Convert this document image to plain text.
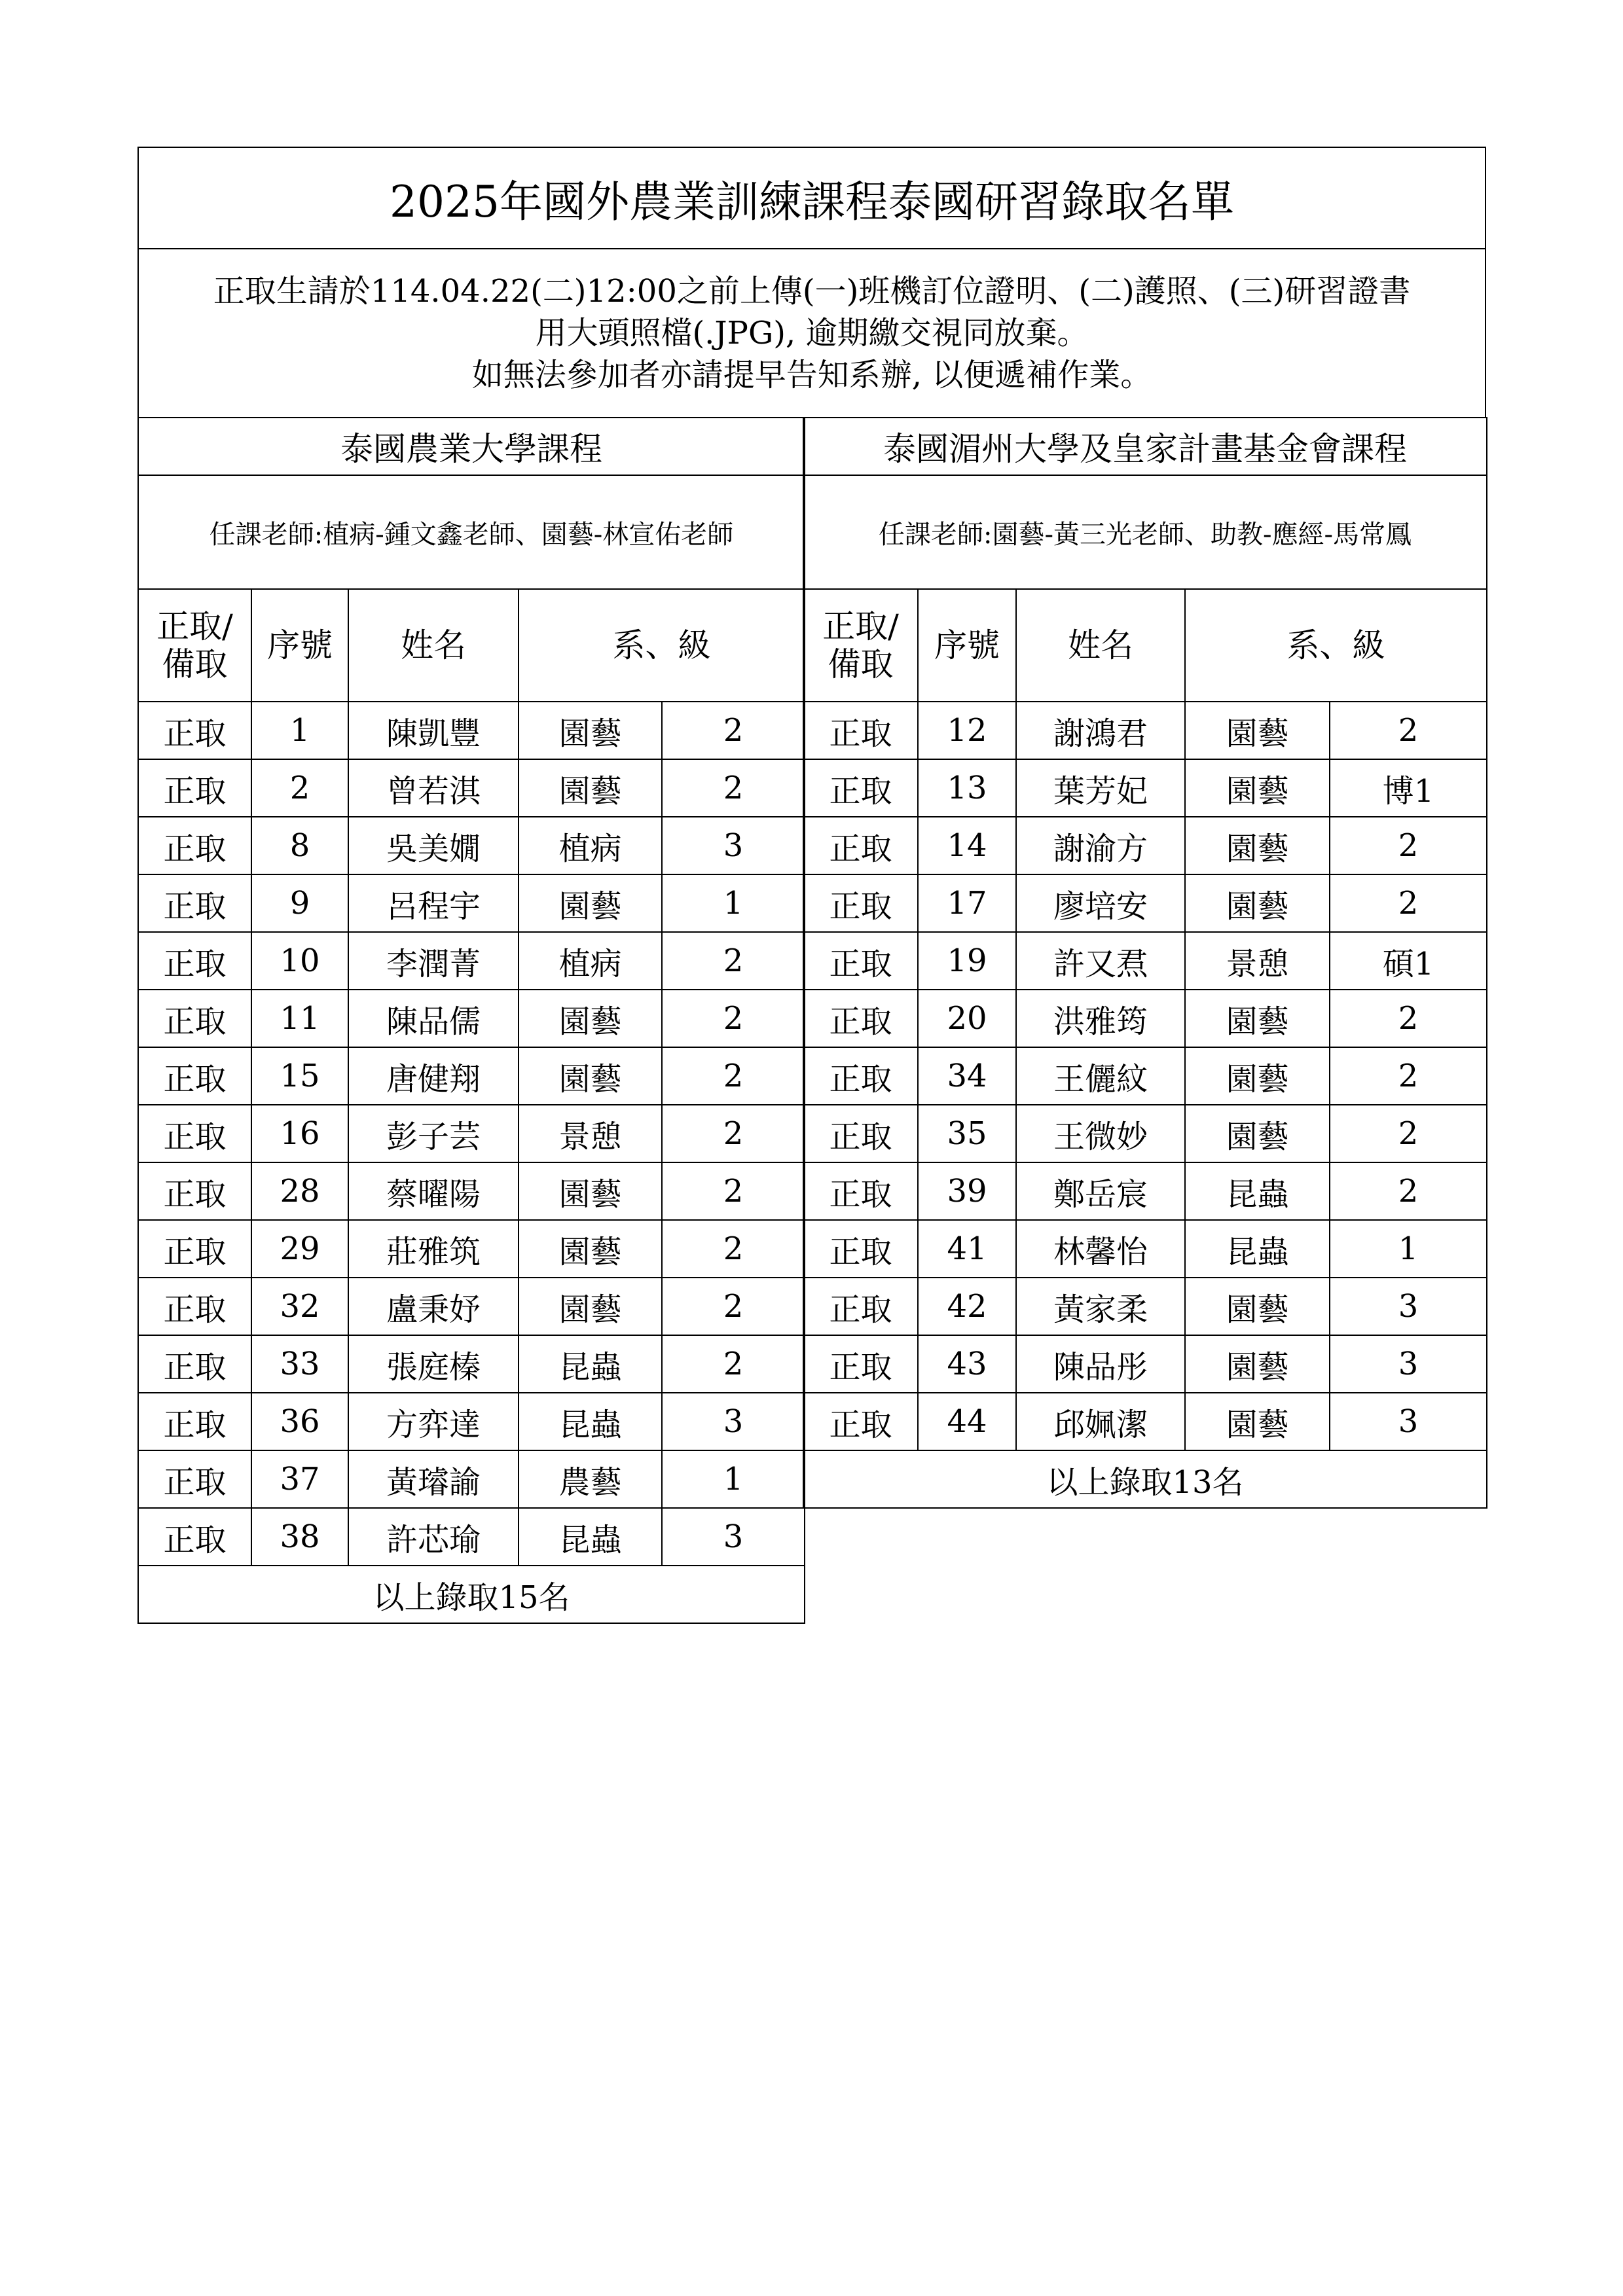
2025年國外農業訓練課程泰國研習錄取名單
正取生請於114.04.22(二)12:00之前上傳(一)班機訂位證明、(二)護照、(三)研習證書
用大頭照檔(.JPG), 逾期繳交視同放棄。
如無法參加者亦請提早告知系辦, 以便遞補作業。
泰國農業大學課程				
任課老師:植病-鍾文鑫老師、園藝-林宣佑老師				
正取/
備取	序號	姓名	系、級	
正取	1	陳凱豐	園藝	2
正取	2	曾若淇	園藝	2
正取	8	吳美嫺	植病	3
正取	9	呂程宇	園藝	1
正取	10	李潤菁	植病	2
正取	11	陳品儒	園藝	2
正取	15	唐健翔	園藝	2
正取	16	彭子芸	景憩	2
正取	28	蔡曜陽	園藝	2
正取	29	莊雅筑	園藝	2
正取	32	盧秉妤	園藝	2
正取	33	張庭榛	昆蟲	2
正取	36	方弈達	昆蟲	3
正取	37	黃璿諭	農藝	1
正取	38	許芯瑜	昆蟲	3
以上錄取15名				
泰國湄州大學及皇家計畫基金會課程				
任課老師:園藝-黃三光老師、助教-應經-馬常鳳				
正取/
備取	序號	姓名	系、級	
正取	12	謝鴻君	園藝	2
正取	13	葉芳妃	園藝	博1
正取	14	謝渝方	園藝	2
正取	17	廖培安	園藝	2
正取	19	許又焄	景憩	碩1
正取	20	洪雅筠	園藝	2
正取	34	王儷紋	園藝	2
正取	35	王微妙	園藝	2
正取	39	鄭岳宸	昆蟲	2
正取	41	林馨怡	昆蟲	1
正取	42	黃家柔	園藝	3
正取	43	陳品彤	園藝	3
正取	44	邱姵潔	園藝	3
以上錄取13名				
